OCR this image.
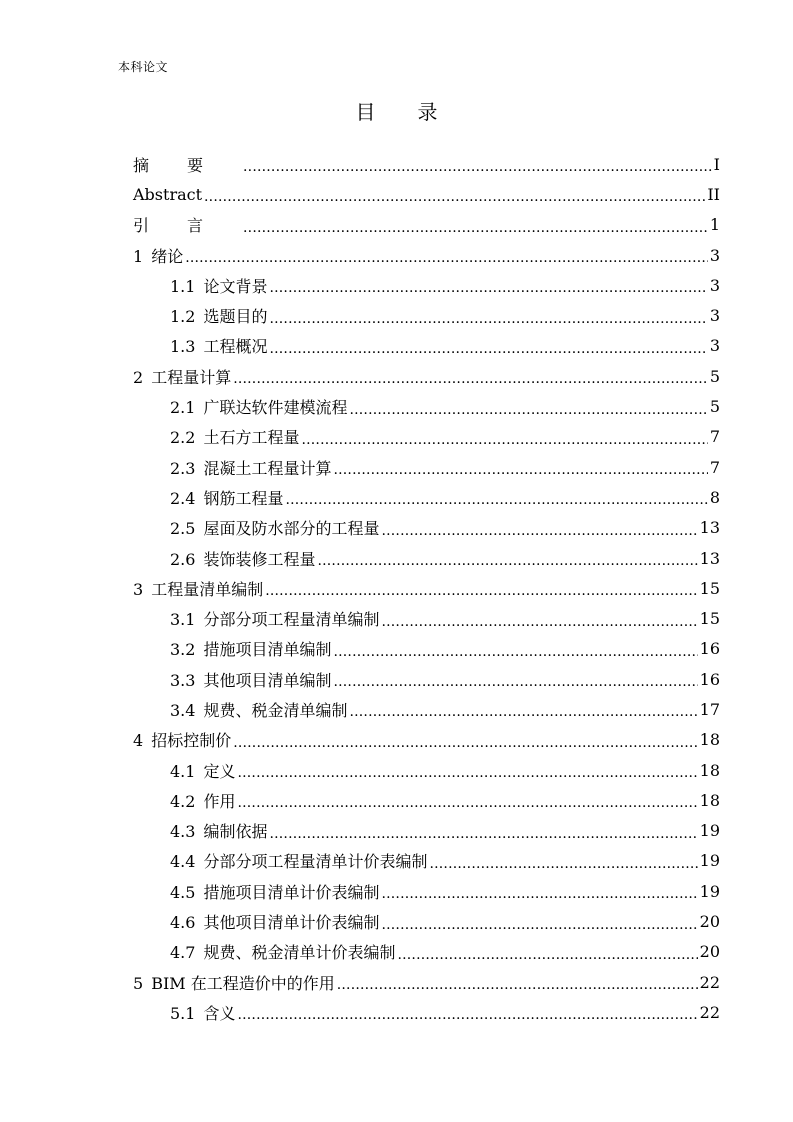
本科论文
目录
摘要 .....	I
Abstract .....	II
引言 .....	1
1 绪论 .....	3
1.1 论文背景 .....	3
1.2 选题目的 .....	3
1.3 工程概况 .....	3
2 工程量计算 .....	5
2.1 广联达软件建模流程 .....	5
2.2 土石方工程量 .....	7
2.3 混凝土工程量计算 .....	7
2.4 钢筋工程量 .....	8
2.5 屋面及防水部分的工程量 .....	13
2.6 装饰装修工程量 .....	13
3 工程量清单编制 .....	15
3.1 分部分项工程量清单编制 .....	15
3.2 措施项目清单编制 .....	16
3.3 其他项目清单编制 .....	16
3.4 规费、税金清单编制 .....	17
4 招标控制价 .....	18
4.1 定义 .....	18
4.2 作用 .....	18
4.3 编制依据 .....	19
4.4 分部分项工程量清单计价表编制 .....	19
4.5 措施项目清单计价表编制 .....	19
4.6 其他项目清单计价表编制 .....	20
4.7 规费、税金清单计价表编制 .....	20
5 BIM 在工程造价中的作用 .....	22
5.1 含义 .....	22
